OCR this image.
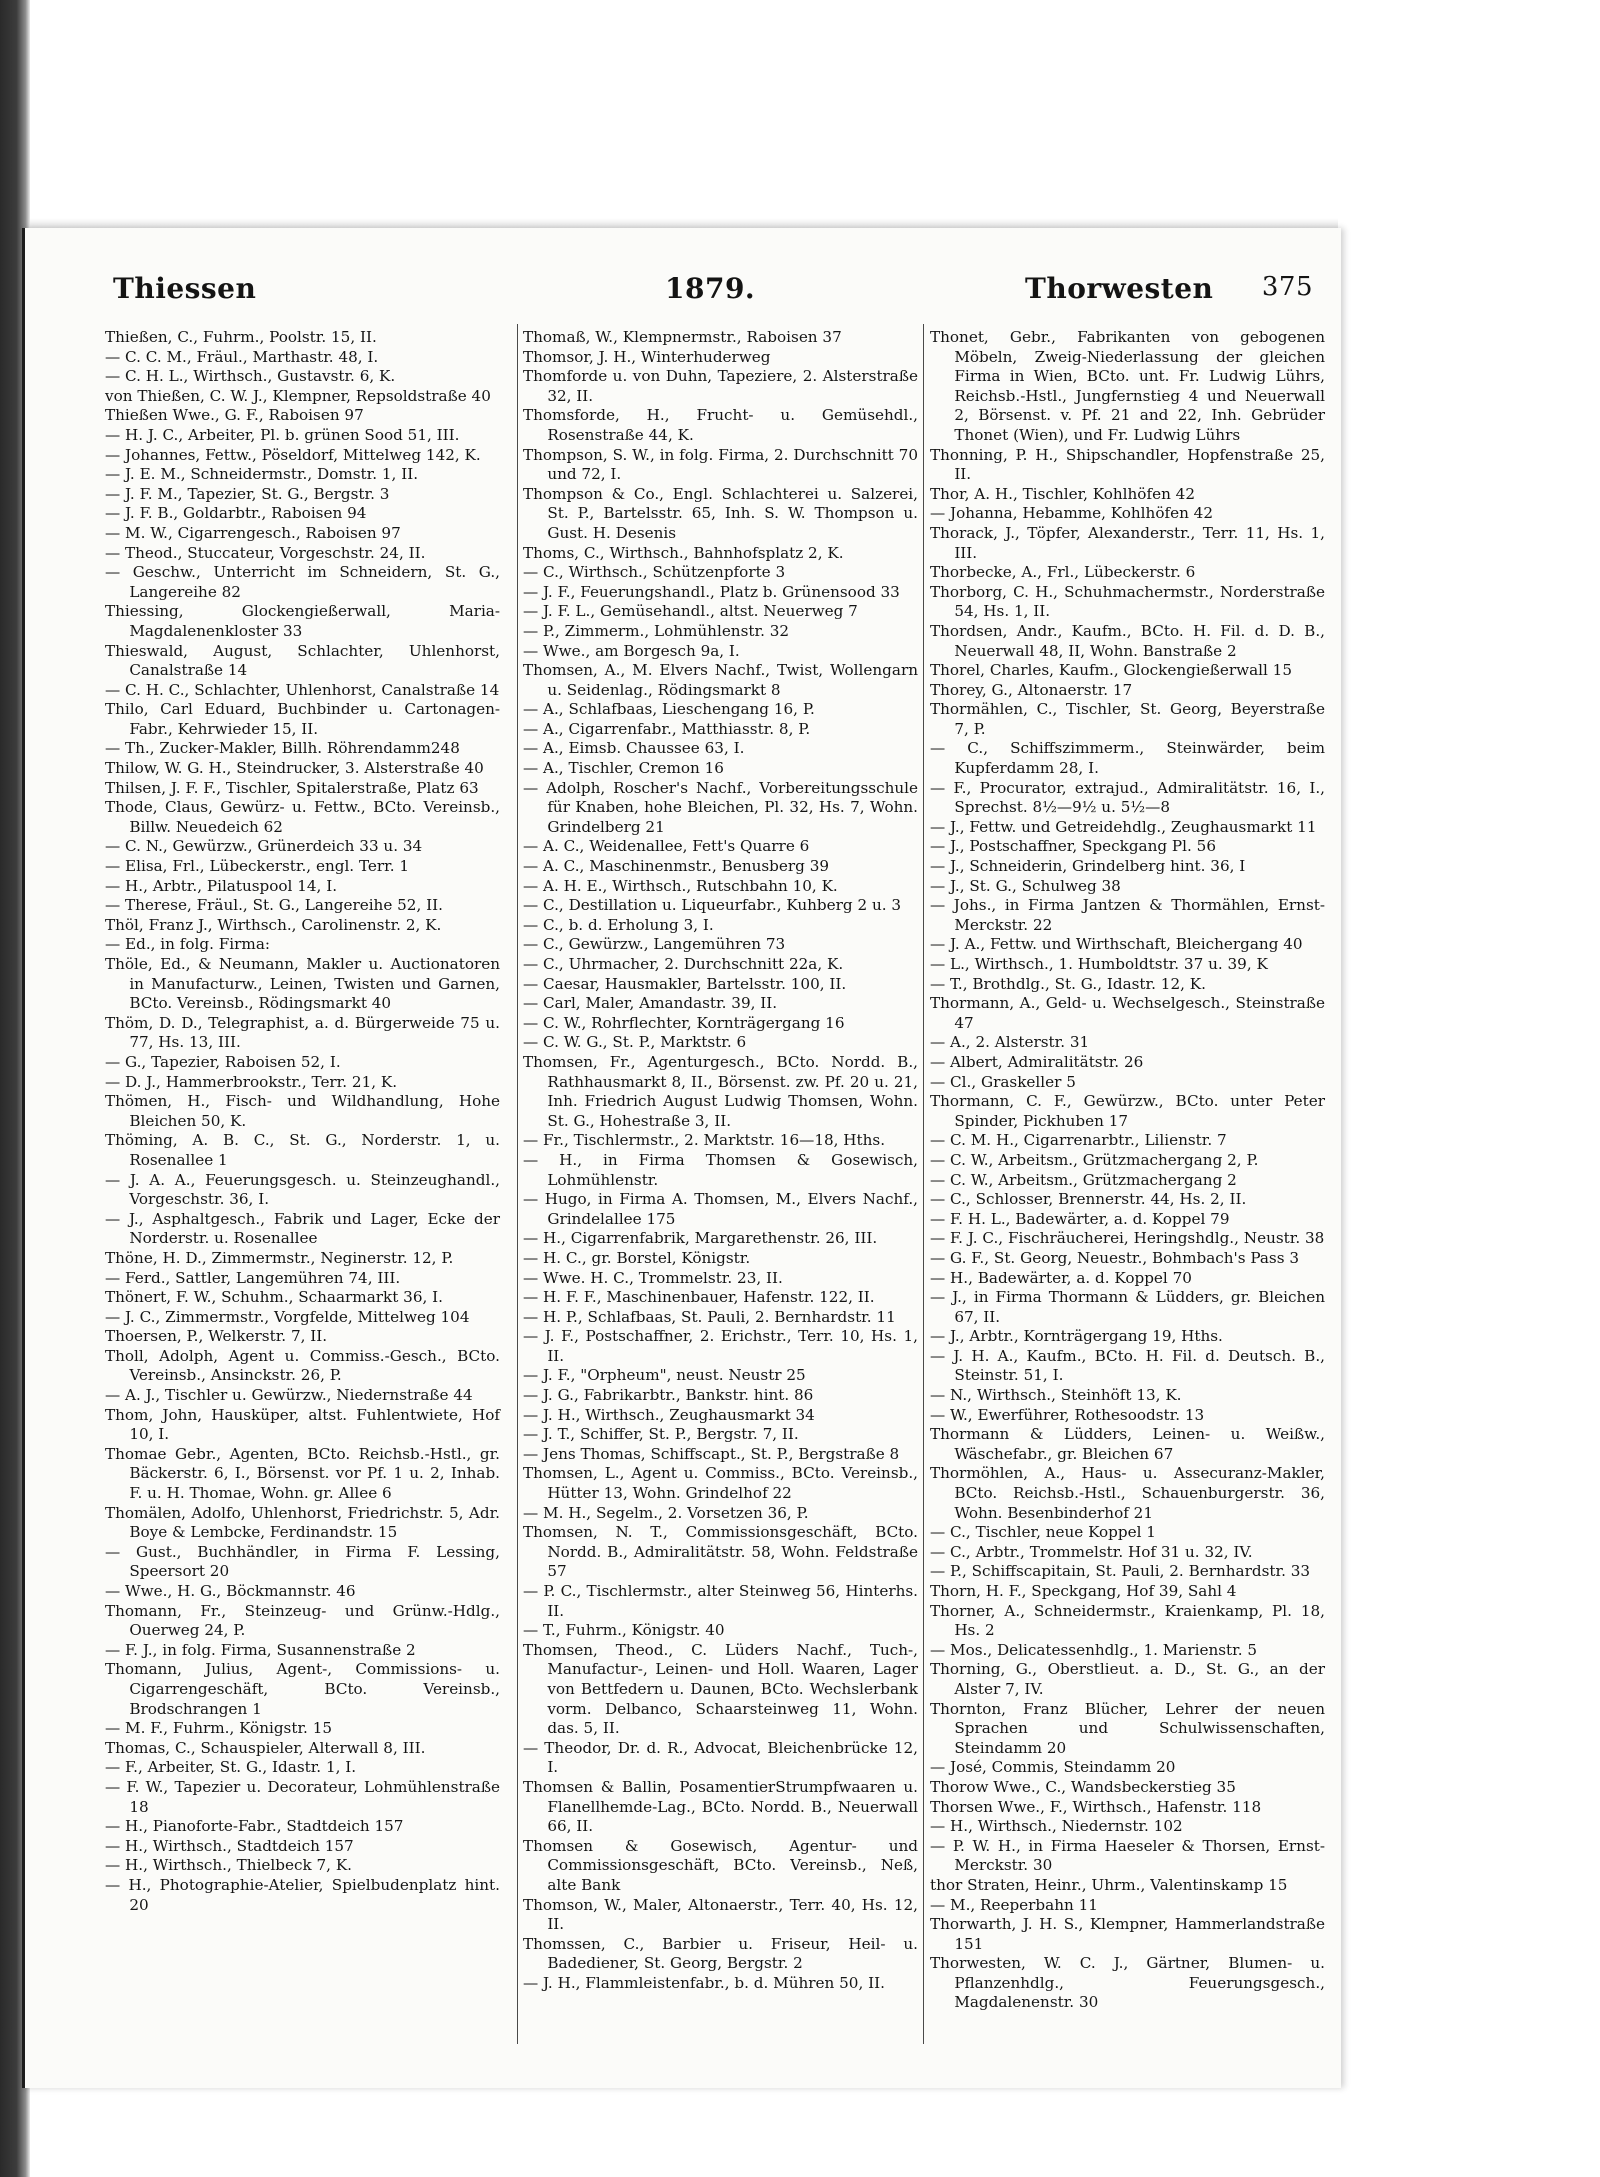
Thiessen	1879.	Thorwesten 375

Thießen, C., Fuhrm., Poolstr. 15, II.

— C. C. M., Fräul., Marthastr. 48, I.

— C. H. L., Wirthsch., Gustavstr. 6, K.

von Thießen, C. W. J., Klempner, Repsoldstraße 40

Thießen Wwe., G. F., Raboisen 97

— H. J. C., Arbeiter, Pl. b. grünen Sood 51, III.

— Johannes, Fettw., Pöseldorf, Mittelweg 142, K.

— J. E. M., Schneidermstr., Domstr. 1, II.

— J. F. M., Tapezier, St. G., Bergstr. 3

— J. F. B., Goldarbtr., Raboisen 94

— M. W., Cigarrengesch., Raboisen 97

— Theod., Stuccateur, Vorgeschstr. 24, II.

— Geschw., Unterricht im Schneidern, St. G., Langereihe 82

Thiessing, Glockengießerwall, Maria-Magdalenenkloster 33

Thieswald, August, Schlachter, Uhlenhorst, Canalstraße 14

— C. H. C., Schlachter, Uhlenhorst, Canalstraße 14

Thilo, Carl Eduard, Buchbinder u. Cartonagen-Fabr., Kehrwieder 15, II.

— Th., Zucker-Makler, Billh. Röhrendamm248

Thilow, W. G. H., Steindrucker, 3. Alsterstraße 40

Thilsen, J. F. F., Tischler, Spitalerstraße, Platz 63

Thode, Claus, Gewürz- u. Fettw., BCto. Vereinsb., Billw. Neuedeich 62

— C. N., Gewürzw., Grünerdeich 33 u. 34

— Elisa, Frl., Lübeckerstr., engl. Terr. 1

— H., Arbtr., Pilatuspool 14, I.

— Therese, Fräul., St. G., Langereihe 52, II.

Thöl, Franz J., Wirthsch., Carolinenstr. 2, K.

— Ed., in folg. Firma:

Thöle, Ed., & Neumann, Makler u. Auctionatoren in Manufacturw., Leinen, Twisten und Garnen, BCto. Vereinsb., Rödingsmarkt 40

Thöm, D. D., Telegraphist, a. d. Bürgerweide 75 u. 77, Hs. 13, III.

— G., Tapezier, Raboisen 52, I.

— D. J., Hammerbrookstr., Terr. 21, K.

Thömen, H., Fisch- und Wildhandlung, Hohe Bleichen 50, K.

Thöming, A. B. C., St. G., Norderstr. 1, u. Rosenallee 1

— J. A. A., Feuerungsgesch. u. Steinzeughandl., Vorgeschstr. 36, I.

— J., Asphaltgesch., Fabrik und Lager, Ecke der Norderstr. u. Rosenallee

Thöne, H. D., Zimmermstr., Neginerstr. 12, P.

— Ferd., Sattler, Langemühren 74, III.

Thönert, F. W., Schuhm., Schaarmarkt 36, I.

— J. C., Zimmermstr., Vorgfelde, Mittelweg 104

Thoersen, P., Welkerstr. 7, II.

Tholl, Adolph, Agent u. Commiss.-Gesch., BCto. Vereinsb., Ansinckstr. 26, P.

— A. J., Tischler u. Gewürzw., Niedernstraße 44

Thom, John, Hausküper, altst. Fuhlentwiete, Hof 10, I.

Thomae Gebr., Agenten, BCto. Reichsb.-Hstl., gr. Bäckerstr. 6, I., Börsenst. vor Pf. 1 u. 2, Inhab. F. u. H. Thomae, Wohn. gr. Allee 6

Thomälen, Adolfo, Uhlenhorst, Friedrichstr. 5, Adr. Boye & Lembcke, Ferdinandstr. 15

— Gust., Buchhändler, in Firma F. Lessing, Speersort 20

— Wwe., H. G., Böckmannstr. 46

Thomann, Fr., Steinzeug- und Grünw.-Hdlg., Ouerweg 24, P.

— F. J., in folg. Firma, Susannenstraße 2

Thomann, Julius, Agent-, Commissions- u. Cigarrengeschäft, BCto. Vereinsb., Brodschrangen 1

— M. F., Fuhrm., Königstr. 15

Thomas, C., Schauspieler, Alterwall 8, III.

— F., Arbeiter, St. G., Idastr. 1, I.

— F. W., Tapezier u. Decorateur, Lohmühlenstraße 18

— H., Pianoforte-Fabr., Stadtdeich 157

— H., Wirthsch., Stadtdeich 157

— H., Wirthsch., Thielbeck 7, K.

— H., Photographie-Atelier, Spielbudenplatz hint. 20

Thomaß, W., Klempnermstr., Raboisen 37

Thomsor, J. H., Winterhuderweg

Thomforde u. von Duhn, Tapeziere, 2. Alsterstraße 32, II.

Thomsforde, H., Frucht- u. Gemüsehdl., Rosenstraße 44, K.

Thompson, S. W., in folg. Firma, 2. Durchschnitt 70 und 72, I.

Thompson & Co., Engl. Schlachterei u. Salzerei, St. P., Bartelsstr. 65, Inh. S. W. Thompson u. Gust. H. Desenis

Thoms, C., Wirthsch., Bahnhofsplatz 2, K.

— C., Wirthsch., Schützenpforte 3

— J. F., Feuerungshandl., Platz b. Grünensood 33

— J. F. L., Gemüsehandl., altst. Neuerweg 7

— P., Zimmerm., Lohmühlenstr. 32

— Wwe., am Borgesch 9a, I.

Thomsen, A., M. Elvers Nachf., Twist, Wollengarn u. Seidenlag., Rödingsmarkt 8

— A., Schlafbaas, Lieschengang 16, P.

— A., Cigarrenfabr., Matthiasstr. 8, P.

— A., Eimsb. Chaussee 63, I.

— A., Tischler, Cremon 16

— Adolph, Roscher's Nachf., Vorbereitungsschule für Knaben, hohe Bleichen, Pl. 32, Hs. 7, Wohn. Grindelberg 21

— A. C., Weidenallee, Fett's Quarre 6

— A. C., Maschinenmstr., Benusberg 39

— A. H. E., Wirthsch., Rutschbahn 10, K.

— C., Destillation u. Liqueurfabr., Kuhberg 2 u. 3

— C., b. d. Erholung 3, I.

— C., Gewürzw., Langemühren 73

— C., Uhrmacher, 2. Durchschnitt 22a, K.

— Caesar, Hausmakler, Bartelsstr. 100, II.

— Carl, Maler, Amandastr. 39, II.

— C. W., Rohrflechter, Kornträgergang 16

— C. W. G., St. P., Marktstr. 6

Thomsen, Fr., Agenturgesch., BCto. Nordd. B., Rathhausmarkt 8, II., Börsenst. zw. Pf. 20 u. 21, Inh. Friedrich August Ludwig Thomsen, Wohn. St. G., Hohestraße 3, II.

— Fr., Tischlermstr., 2. Marktstr. 16—18, Hths.

— H., in Firma Thomsen & Gosewisch, Lohmühlenstr.

— Hugo, in Firma A. Thomsen, M., Elvers Nachf., Grindelallee 175

— H., Cigarrenfabrik, Margarethenstr. 26, III.

— H. C., gr. Borstel, Königstr.

— Wwe. H. C., Trommelstr. 23, II.

— H. F. F., Maschinenbauer, Hafenstr. 122, II.

— H. P., Schlafbaas, St. Pauli, 2. Bernhardstr. 11

— J. F., Postschaffner, 2. Erichstr., Terr. 10, Hs. 1, II.

— J. F., "Orpheum", neust. Neustr 25

— J. G., Fabrikarbtr., Bankstr. hint. 86

— J. H., Wirthsch., Zeughausmarkt 34

— J. T., Schiffer, St. P., Bergstr. 7, II.

— Jens Thomas, Schiffscapt., St. P., Bergstraße 8

Thomsen, L., Agent u. Commiss., BCto. Vereinsb., Hütter 13, Wohn. Grindelhof 22

— M. H., Segelm., 2. Vorsetzen 36, P.

Thomsen, N. T., Commissionsgeschäft, BCto. Nordd. B., Admiralitätstr. 58, Wohn. Feldstraße 57

— P. C., Tischlermstr., alter Steinweg 56, Hinterhs. II.

— T., Fuhrm., Königstr. 40

Thomsen, Theod., C. Lüders Nachf., Tuch-, Manufactur-, Leinen- und Holl. Waaren, Lager von Bettfedern u. Daunen, BCto. Wechslerbank vorm. Delbanco, Schaarsteinweg 11, Wohn. das. 5, II.

— Theodor, Dr. d. R., Advocat, Bleichenbrücke 12, I.

Thomsen & Ballin, PosamentierStrumpfwaaren u. Flanellhemde-Lag., BCto. Nordd. B., Neuerwall 66, II.

Thomsen & Gosewisch, Agentur- und Commissionsgeschäft, BCto. Vereinsb., Neß, alte Bank

Thomson, W., Maler, Altonaerstr., Terr. 40, Hs. 12, II.

Thomssen, C., Barbier u. Friseur, Heil- u. Badediener, St. Georg, Bergstr. 2

— J. H., Flammleistenfabr., b. d. Mühren 50, II.

Thonet, Gebr., Fabrikanten von gebogenen Möbeln, Zweig-Niederlassung der gleichen Firma in Wien, BCto. unt. Fr. Ludwig Lührs, Reichsb.-Hstl., Jungfernstieg 4 und Neuerwall 2, Börsenst. v. Pf. 21 and 22, Inh. Gebrüder Thonet (Wien), und Fr. Ludwig Lührs

Thonning, P. H., Shipschandler, Hopfenstraße 25, II.

Thor, A. H., Tischler, Kohlhöfen 42

— Johanna, Hebamme, Kohlhöfen 42

Thorack, J., Töpfer, Alexanderstr., Terr. 11, Hs. 1, III.

Thorbecke, A., Frl., Lübeckerstr. 6

Thorborg, C. H., Schuhmachermstr., Norderstraße 54, Hs. 1, II.

Thordsen, Andr., Kaufm., BCto. H. Fil. d. D. B., Neuerwall 48, II, Wohn. Banstraße 2

Thorel, Charles, Kaufm., Glockengießerwall 15

Thorey, G., Altonaerstr. 17

Thormählen, C., Tischler, St. Georg, Beyerstraße 7, P.

— C., Schiffszimmerm., Steinwärder, beim Kupferdamm 28, I.

— F., Procurator, extrajud., Admiralitätstr. 16, I., Sprechst. 8½—9½ u. 5½—8

— J., Fettw. und Getreidehdlg., Zeughausmarkt 11

— J., Postschaffner, Speckgang Pl. 56

— J., Schneiderin, Grindelberg hint. 36, I

— J., St. G., Schulweg 38

— Johs., in Firma Jantzen & Thormählen, Ernst-Merckstr. 22

— J. A., Fettw. und Wirthschaft, Bleichergang 40

— L., Wirthsch., 1. Humboldtstr. 37 u. 39, K

— T., Brothdlg., St. G., Idastr. 12, K.

Thormann, A., Geld- u. Wechselgesch., Steinstraße 47

— A., 2. Alsterstr. 31

— Albert, Admiralitätstr. 26

— Cl., Graskeller 5

Thormann, C. F., Gewürzw., BCto. unter Peter Spinder, Pickhuben 17

— C. M. H., Cigarrenarbtr., Lilienstr. 7

— C. W., Arbeitsm., Grützmachergang 2, P.

— C. W., Arbeitsm., Grützmachergang 2

— C., Schlosser, Brennerstr. 44, Hs. 2, II.

— F. H. L., Badewärter, a. d. Koppel 79

— F. J. C., Fischräucherei, Heringshdlg., Neustr. 38

— G. F., St. Georg, Neuestr., Bohmbach's Pass 3

— H., Badewärter, a. d. Koppel 70

— J., in Firma Thormann & Lüdders, gr. Bleichen 67, II.

— J., Arbtr., Kornträgergang 19, Hths.

— J. H. A., Kaufm., BCto. H. Fil. d. Deutsch. B., Steinstr. 51, I.

— N., Wirthsch., Steinhöft 13, K.

— W., Ewerführer, Rothesoodstr. 13

Thormann & Lüdders, Leinen- u. Weißw., Wäschefabr., gr. Bleichen 67

Thormöhlen, A., Haus- u. Assecuranz-Makler, BCto. Reichsb.-Hstl., Schauenburgerstr. 36, Wohn. Besenbinderhof 21

— C., Tischler, neue Koppel 1

— C., Arbtr., Trommelstr. Hof 31 u. 32, IV.

— P., Schiffscapitain, St. Pauli, 2. Bernhardstr. 33

Thorn, H. F., Speckgang, Hof 39, Sahl 4

Thorner, A., Schneidermstr., Kraienkamp, Pl. 18, Hs. 2

— Mos., Delicatessenhdlg., 1. Marienstr. 5

Thorning, G., Oberstlieut. a. D., St. G., an der Alster 7, IV.

Thornton, Franz Blücher, Lehrer der neuen Sprachen und Schulwissenschaften, Steindamm 20

— José, Commis, Steindamm 20

Thorow Wwe., C., Wandsbeckerstieg 35

Thorsen Wwe., F., Wirthsch., Hafenstr. 118

— H., Wirthsch., Niedernstr. 102

— P. W. H., in Firma Haeseler & Thorsen, Ernst-Merckstr. 30

thor Straten, Heinr., Uhrm., Valentinskamp 15

— M., Reeperbahn 11

Thorwarth, J. H. S., Klempner, Hammerlandstraße 151

Thorwesten, W. C. J., Gärtner, Blumen- u. Pflanzenhdlg., Feuerungsgesch., Magdalenenstr. 30
